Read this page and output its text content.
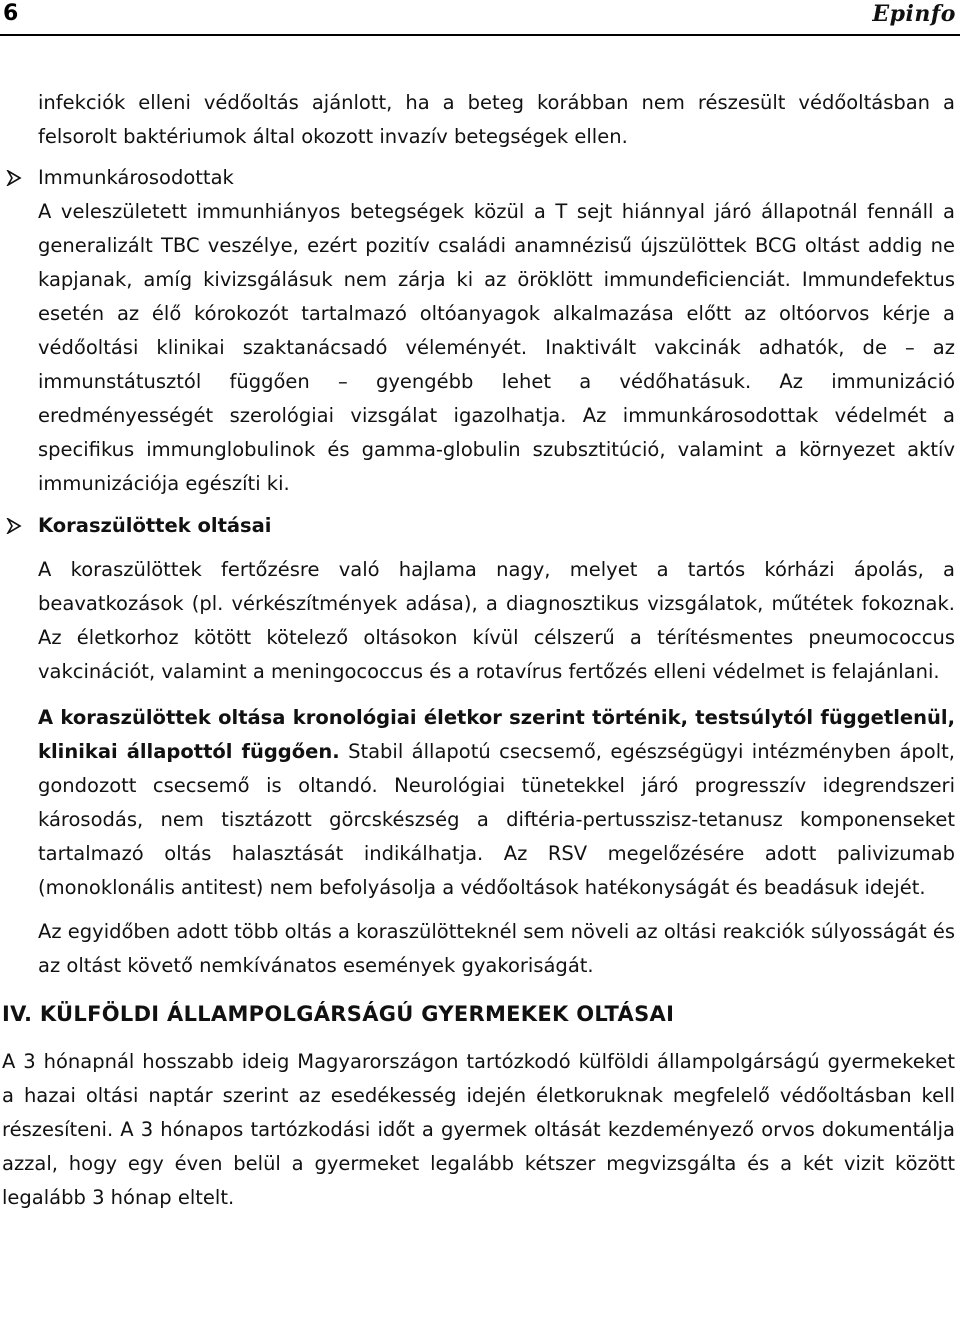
6	Epinfo

infekciók elleni védőoltás ajánlott, ha a beteg korábban nem részesült védőoltásban a felsorolt baktériumok által okozott invazív betegségek ellen.

Immunkárosodottak

A veleszületett immunhiányos betegségek közül a T sejt hiánnyal járó állapotnál fennáll a generalizált TBC veszélye, ezért pozitív családi anamnézisű újszülöttek BCG oltást addig ne kapjanak, amíg kivizsgálásuk nem zárja ki az öröklött immundeficienciát. Immundefektus esetén az élő kórokozót tartalmazó oltóanyagok alkalmazása előtt az oltóorvos kérje a védőoltási klinikai szaktanácsadó véleményét. Inaktivált vakcinák adhatók, de – az immunstátusztól függően – gyengébb lehet a védőhatásuk. Az immunizáció eredményességét szerológiai vizsgálat igazolhatja. Az immunkárosodottak védelmét a specifikus immunglobulinok és gamma-globulin szubsztitúció, valamint a környezet aktív immunizációja egészíti ki.

Koraszülöttek oltásai

A koraszülöttek fertőzésre való hajlama nagy, melyet a tartós kórházi ápolás, a beavatkozások (pl. vérkészítmények adása), a diagnosztikus vizsgálatok, műtétek fokoznak. Az életkorhoz kötött kötelező oltásokon kívül célszerű a térítésmentes pneumococcus vakcinációt, valamint a meningococcus és a rotavírus fertőzés elleni védelmet is felajánlani.

A koraszülöttek oltása kronológiai életkor szerint történik, testsúlytól függetlenül, klinikai állapottól függően. Stabil állapotú csecsemő, egészségügyi intézményben ápolt, gondozott csecsemő is oltandó. Neurológiai tünetekkel járó progresszív idegrendszeri károsodás, nem tisztázott görcskészség a diftéria-pertusszisz-tetanusz komponenseket tartalmazó oltás halasztását indikálhatja. Az RSV megelőzésére adott palivizumab (monoklonális antitest) nem befolyásolja a védőoltások hatékonyságát és beadásuk idejét.

Az egyidőben adott több oltás a koraszülötteknél sem növeli az oltási reakciók súlyosságát és az oltást követő nemkívánatos események gyakoriságát.

IV. KÜLFÖLDI ÁLLAMPOLGÁRSÁGÚ GYERMEKEK OLTÁSAI

A 3 hónapnál hosszabb ideig Magyarországon tartózkodó külföldi állampolgárságú gyermekeket a hazai oltási naptár szerint az esedékesség idején életkoruknak megfelelő védőoltásban kell részesíteni. A 3 hónapos tartózkodási időt a gyermek oltását kezdeményező orvos dokumentálja azzal, hogy egy éven belül a gyermeket legalább kétszer megvizsgálta és a két vizit között legalább 3 hónap eltelt.
